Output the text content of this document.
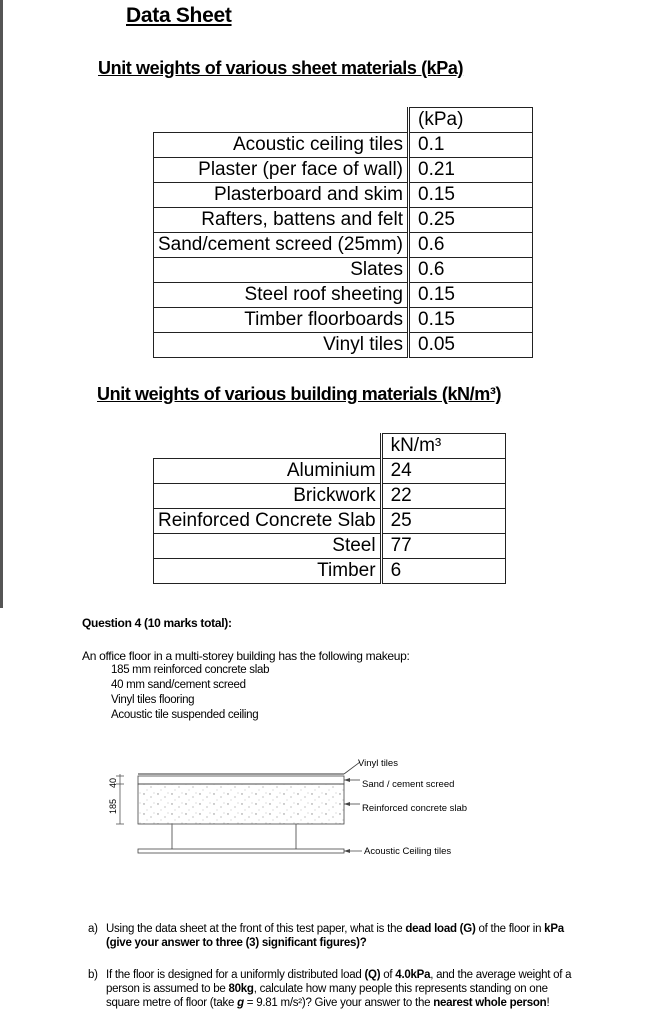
Data Sheet
Unit weights of various sheet materials (kPa)
	(kPa)
Acoustic ceiling tiles	0.1
Plaster (per face of wall)	0.21
Plasterboard and skim	0.15
Rafters, battens and felt	0.25
Sand/cement screed (25mm)	0.6
Slates	0.6
Steel roof sheeting	0.15
Timber floorboards	0.15
Vinyl tiles	0.05
Unit weights of various building materials (kN/m³)
	kN/m³
Aluminium	24
Brickwork	22
Reinforced Concrete Slab	25
Steel	77
Timber	6
Question 4 (10 marks total):
An office floor in a multi-storey building has the following makeup:
185 mm reinforced concrete slab
40 mm sand/cement screed
Vinyl tiles flooring
Acoustic tile suspended ceiling
40
185
Vinyl tiles
Sand / cement screed
Reinforced concrete slab
Acoustic Ceiling tiles
a) Using the data sheet at the front of this test paper, what is the dead load (G) of the floor in kPa
(give your answer to three (3) significant figures)?
b) If the floor is designed for a uniformly distributed load (Q) of 4.0kPa, and the average weight of a person is assumed to be 80kg, calculate how many people this represents standing on one square metre of floor (take g = 9.81 m/s²)? Give your answer to the nearest whole person!
